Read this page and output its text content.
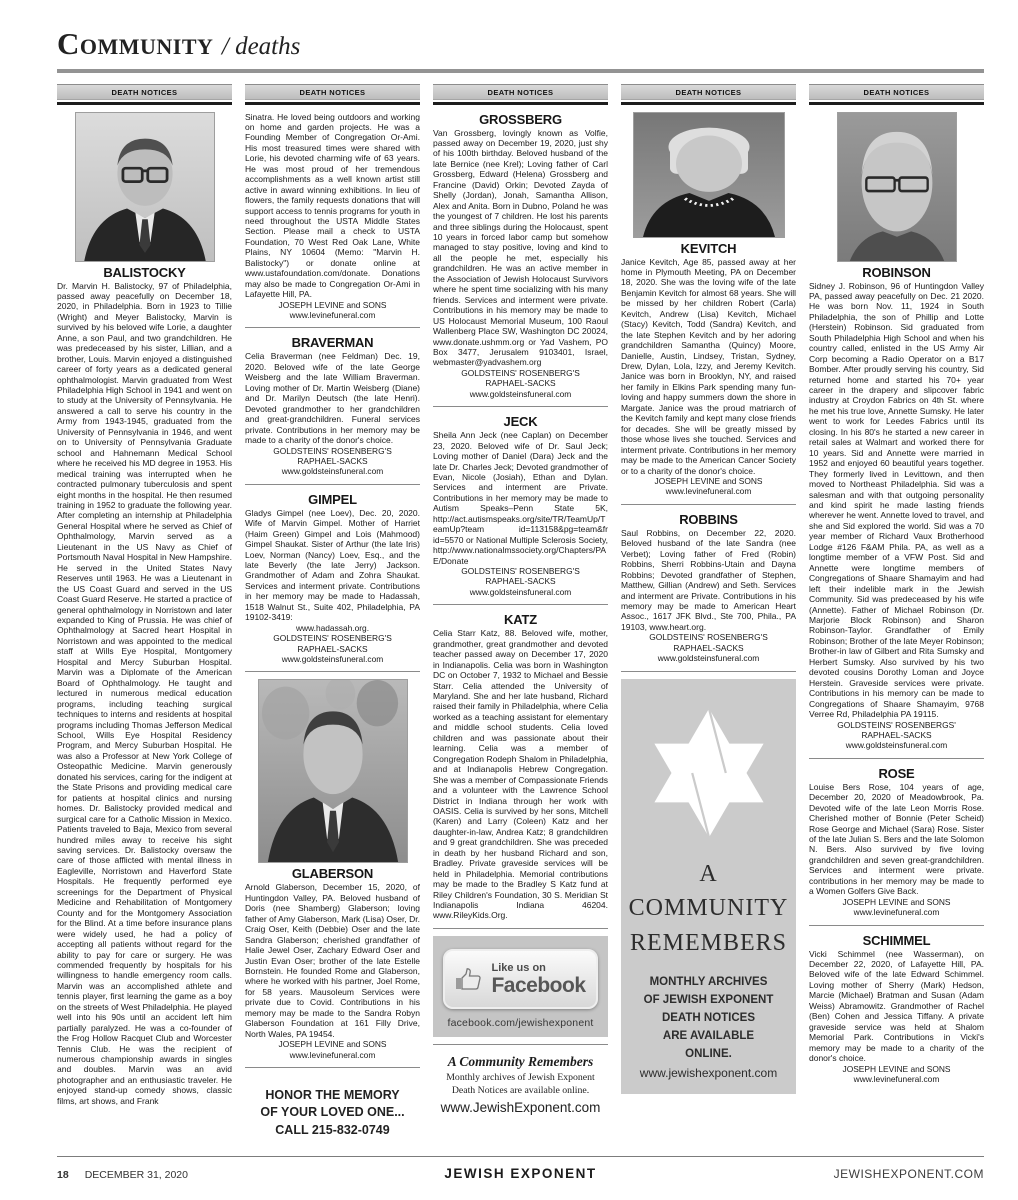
Community / deaths
DEATH NOTICES
BALISTOCKY
Dr. Marvin H. Balistocky, 97 of Philadelphia, passed away peacefully on December 18, 2020, in Philadelphia. Born in 1923 to Tillie (Wright) and Meyer Balistocky, Marvin is survived by his beloved wife Lorie, a daughter Anne, a son Paul, and two grandchildren. He was predeceased by his sister, Lillian, and a brother, Louis. Marvin enjoyed a distinguished career of forty years as a dedicated general ophthalmologist. Marvin graduated from West Philadelphia High School in 1941 and went on to study at the University of Pennsylvania. He answered a call to serve his country in the Army from 1943-1945, graduated from the University of Pennsylvania in 1946, and went on to University of Pennsylvania Graduate school and Hahnemann Medical School where he received his MD degree in 1953. His medical training was interrupted when he contracted pulmonary tuberculosis and spent eight months in the hospital. He then resumed training in 1952 to graduate the following year. After completing an internship at Philadelphia General Hospital where he served as Chief of Ophthalmology, Marvin served as a Lieutenant in the US Navy as Chief of Portsmouth Naval Hospital in New Hampshire. He served in the United States Navy Reserves until 1963. He was a Lieutenant in the US Coast Guard and served in the US Coast Guard Reserve. He started a practice of general ophthalmology in Norristown and later expanded to King of Prussia. He was chief of Ophthalmology at Sacred heart Hospital in Norristown and was appointed to the medical staff at Wills Eye Hospital, Montgomery Hospital and Mercy Suburban Hospital. Marvin was a Diplomate of the American Board of Ophthalmology. He taught and lectured in numerous medical education programs, including teaching surgical techniques to interns and residents at hospital programs including Thomas Jefferson Medical School, Wills Eye Hospital Residency Program, and Mercy Suburban Hospital. He was also a Professor at New York College of Osteopathic Medicine. Marvin generously donated his services, caring for the indigent at the State Prisons and providing medical care for patients at hospital clinics and nursing homes. Dr. Balistocky provided medical and surgical care for a Catholic Mission in Mexico. Patients traveled to Baja, Mexico from several hundred miles away to receive his sight saving services. Dr. Balistocky oversaw the care of those afflicted with mental illness in Eagleville, Norristown and Haverford State Hospitals. He frequently performed eye screenings for the Department of Physical Medicine and Rehabilitation of Montgomery County and for the Montgomery Association for the Blind. At a time before insurance plans were widely used, he had a policy of accepting all patients without regard for the ability to pay for care or surgery. He was commended frequently by hospitals for his willingness to handle emergency room calls. Marvin was an accomplished athlete and tennis player, first learning the game as a boy on the streets of West Philadelphia. He played well into his 90s until an accident left him partially paralyzed. He was a co-founder of the Frog Hollow Racquet Club and Worcester Tennis Club. He was the recipient of numerous championship awards in singles and doubles. Marvin was an avid photographer and an enthusiastic traveler. He enjoyed stand-up comedy shows, classic films, art shows, and Frank
DEATH NOTICES
Sinatra. He loved being outdoors and working on home and garden projects. He was a Founding Member of Congregation Or-Ami. His most treasured times were shared with Lorie, his devoted charming wife of 63 years. He was most proud of her tremendous accomplishments as a well known artist still active in award winning exhibitions. In lieu of flowers, the family requests donations that will support access to tennis programs for youth in need throughout the USTA Middle States Section. Please mail a check to USTA Foundation, 70 West Red Oak Lane, White Plains, NY 10604 (Memo: "Marvin H. Balistocky") or donate online at www.ustafoundation.com/donate. Donations may also be made to Congregation Or-Ami in Lafayette Hill, PA.
JOSEPH LEVINE and SONS
www.levinefuneral.com
BRAVERMAN
Celia Braverman (nee Feldman) Dec. 19, 2020. Beloved wife of the late George Weisberg and the late William Braverman. Loving mother of Dr. Martin Weisberg (Diane) and Dr. Marilyn Deutsch (the late Henri). Devoted grandmother to her grandchildren and great-grandchildren. Funeral services private. Contributions in her memory may be made to a charity of the donor's choice.
GOLDSTEINS' ROSENBERG'S
RAPHAEL-SACKS
www.goldsteinsfuneral.com
GIMPEL
Gladys Gimpel (nee Loev), Dec. 20, 2020. Wife of Marvin Gimpel. Mother of Harriet (Haim Green) Gimpel and Lois (Mahmood) Gimpel Shaukat. Sister of Arthur (the late Iris) Loev, Norman (Nancy) Loev, Esq., and the late Beverly (the late Jerry) Jackson. Grandmother of Adam and Zohra Shaukat. Services and interment private. Contributions in her memory may be made to Hadassah, 1518 Walnut St., Suite 402, Philadelphia, PA 19102-3419:
www.hadassah.org.
GOLDSTEINS' ROSENBERG'S
RAPHAEL-SACKS
www.goldsteinsfuneral.com
GLABERSON
Arnold Glaberson, December 15, 2020, of Huntingdon Valley, PA. Beloved husband of Doris (nee Shamberg) Glaberson; loving father of Amy Glaberson, Mark (Lisa) Oser, Dr. Craig Oser, Keith (Debbie) Oser and the late Sandra Glaberson; cherished grandfather of Halie Jewel Oser, Zachary Edward Oser and Justin Evan Oser; brother of the late Estelle Bornstein. He founded Rome and Glaberson, where he worked with his partner, Joel Rome, for 58 years. Mausoleum Services were private due to Covid. Contributions in his memory may be made to the Sandra Robyn Glaberson Foundation at 161 Filly Drive, North Wales, PA 19454.
JOSEPH LEVINE and SONS
www.levinefuneral.com
HONOR THE MEMORY
OF YOUR LOVED ONE...
CALL 215-832-0749
DEATH NOTICES
GROSSBERG
Van Grossberg, lovingly known as Volfie, passed away on December 19, 2020, just shy of his 100th birthday. Beloved husband of the late Bernice (nee Krel); Loving father of Carl Grossberg, Edward (Helena) Grossberg and Francine (David) Orkin; Devoted Zayda of Shelly (Jordan), Jonah, Samantha Allison, Alex and Anita. Born in Dubno, Poland he was the youngest of 7 children. He lost his parents and three siblings during the Holocaust, spent 10 years in forced labor camp but somehow managed to stay positive, loving and kind to all the people he met, especially his grandchildren. He was an active member in the Association of Jewish Holocaust Survivors where he spent time socializing with his many friends. Services and interment were private. Contributions in his memory may be made to US Holocaust Memorial Museum, 100 Raoul Wallenberg Place SW, Washington DC 20024, www.donate.ushmm.org or Yad Vashem, PO Box 3477, Jerusalem 9103401, Israel, webmaster@yadvashem.org
GOLDSTEINS' ROSENBERG'S
RAPHAEL-SACKS
www.goldsteinsfuneral.com
JECK
Sheila Ann Jeck (nee Caplan) on December 23, 2020. Beloved wife of Dr. Saul Jeck; Loving mother of Daniel (Dara) Jeck and the late Dr. Charles Jeck; Devoted grandmother of Evan, Nicole (Josiah), Ethan and Dylan. Services and interment are Private. Contributions in her memory may be made to Autism Speaks–Penn State 5K, http://act.autismspeaks.org/site/TR/TeamUp/TeamUp?team id=113158&pg=team&fr id=5570 or National Multiple Sclerosis Society, http://www.nationalmssociety.org/Chapters/PAE/Donate
GOLDSTEINS' ROSENBERG'S
RAPHAEL-SACKS
www.goldsteinsfuneral.com
KATZ
Celia Starr Katz, 88. Beloved wife, mother, grandmother, great grandmother and devoted teacher passed away on December 17, 2020 in Indianapolis. Celia was born in Washington DC on October 7, 1932 to Michael and Bessie Starr. Celia attended the University of Maryland. She and her late husband, Richard raised their family in Philadelphia, where Celia worked as a teaching assistant for elementary and middle school students. Celia loved children and was passionate about their learning. Celia was a member of Congregation Rodeph Shalom in Philadelphia, and at Indianapolis Hebrew Congregation. She was a member of Compassionate Friends and a volunteer with the Lawrence School District in Indiana through her work with OASIS. Celia is survived by her sons, Mitchell (Karen) and Larry (Coleen) Katz and her daughter-in-law, Andrea Katz; 8 grandchildren and 9 great grandchildren. She was preceded in death by her husband Richard and son, Bradley. Private graveside services will be held in Philadelphia. Memorial contributions may be made to the Bradley S Katz fund at Riley Children's Foundation, 30 S. Meridian St Indianapolis Indiana 46204. www.RileyKids.Org.
Like us on
Facebook
facebook.com/jewishexponent
A Community Remembers
Monthly archives of Jewish Exponent
Death Notices are available online.
www.JewishExponent.com
DEATH NOTICES
KEVITCH
Janice Kevitch, Age 85, passed away at her home in Plymouth Meeting, PA on December 18, 2020. She was the loving wife of the late Benjamin Kevitch for almost 68 years. She will be missed by her children Robert (Carla) Kevitch, Andrew (Lisa) Kevitch, Michael (Stacy) Kevitch, Todd (Sandra) Kevitch, and the late Stephen Kevitch and by her adoring grandchildren Samantha (Quincy) Moore, Danielle, Austin, Lindsey, Tristan, Sydney, Drew, Dylan, Lola, Izzy, and Jeremy Kevitch. Janice was born in Brooklyn, NY, and raised her family in Elkins Park spending many fun-loving and happy summers down the shore in Margate. Janice was the proud matriarch of the Kevitch family and kept many close friends for decades. She will be greatly missed by those whose lives she touched. Services and interment private. Contributions in her memory may be made to the American Cancer Society or to a charity of the donor's choice.
JOSEPH LEVINE and SONS
www.levinefuneral.com
ROBBINS
Saul Robbins, on December 22, 2020. Beloved husband of the late Sandra (nee Verbet); Loving father of Fred (Robin) Robbins, Sherri Robbins-Utain and Dayna Robbins; Devoted grandfather of Stephen, Matthew, Gillian (Andrew) and Seth. Services and interment are Private. Contributions in his memory may be made to American Heart Assoc., 1617 JFK Blvd., Ste 700, Phila., PA 19103, www.heart.org.
GOLDSTEINS' ROSENBERG'S
RAPHAEL-SACKS
www.goldsteinsfuneral.com
A
COMMUNITY
REMEMBERS
MONTHLY ARCHIVES
OF JEWISH EXPONENT
DEATH NOTICES
ARE AVAILABLE
ONLINE.
www.jewishexponent.com
DEATH NOTICES
ROBINSON
Sidney J. Robinson, 96 of Huntingdon Valley PA, passed away peacefully on Dec. 21 2020. He was born Nov. 11, 1924 in South Philadelphia, the son of Phillip and Lotte (Herstein) Robinson. Sid graduated from South Philadelphia High School and when his country called, enlisted in the US Army Air Corp becoming a Radio Operator on a B17 Bomber. After proudly serving his country, Sid returned home and started his 70+ year career in the drapery and slipcover fabric industry at Croydon Fabrics on 4th St. where he met his true love, Annette Sumsky. He later went to work for Leedes Fabrics until its closing. In his 80's he started a new career in retail sales at Walmart and worked there for 10 years. Sid and Annette were married in 1952 and enjoyed 60 beautiful years together. They formerly lived in Levittown, and then moved to Northeast Philadelphia. Sid was a salesman and with that outgoing personality and kind spirit he made lasting friends wherever he went. Annette loved to travel, and she and Sid explored the world. Sid was a 70 year member of Richard Vaux Brotherhood Lodge #126 F&AM Phila. PA, as well as a longtime member of a VFW Post. Sid and Annette were longtime members of Congregations of Shaare Shamayim and had left their indelible mark in the Jewish Community. Sid was predeceased by his wife (Annette). Father of Michael Robinson (Dr. Marjorie Block Robinson) and Sharon Robinson-Taylor. Grandfather of Emily Robinson; Brother of the late Meyer Robinson; Brother-in law of Gilbert and Rita Sumsky and Herbert Sumsky. Also survived by his two devoted cousins Dorothy Loman and Joyce Herstein. Graveside services were private. Contributions in his memory can be made to Congregations of Shaare Shamayim, 9768 Verree Rd, Philadelphia PA 19115.
GOLDSTEINS' ROSENBERGS'
RAPHAEL-SACKS
www.goldsteinsfuneral.com
ROSE
Louise Bers Rose, 104 years of age, December 20, 2020 of Meadowbrook, Pa. Devoted wife of the late Leon Morris Rose. Cherished mother of Bonnie (Peter Scheid) Rose George and Michael (Sara) Rose. Sister of the late Julian S. Bers and the late Solomon N. Bers. Also survived by five loving grandchildren and seven great-grandchildren. Services and interment were private. contributions in her memory may be made to a Women Golfers Give Back.
JOSEPH LEVINE and SONS
www.levinefuneral.com
SCHIMMEL
Vicki Schimmel (nee Wasserman), on December 22, 2020, of Lafayette Hill, PA. Beloved wife of the late Edward Schimmel. Loving mother of Sherry (Mark) Hedson, Marcie (Michael) Bratman and Susan (Adam Weiss) Abramowitz. Grandmother of Rachel (Ben) Cohen and Jessica Tiffany. A private graveside service was held at Shalom Memorial Park. Contributions in Vicki's memory may be made to a charity of the donor's choice.
JOSEPH LEVINE and SONS
www.levinefuneral.com
18 DECEMBER 31, 2020	JEWISH EXPONENT	JEWISHEXPONENT.COM
